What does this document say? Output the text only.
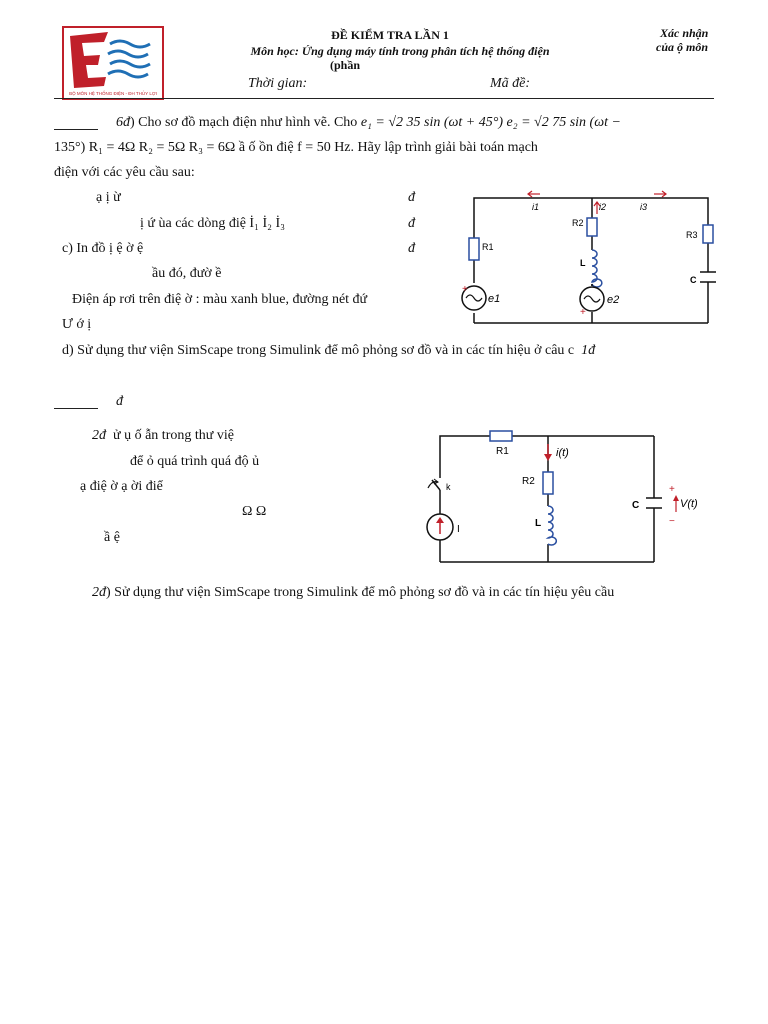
BỘ MÔN HỆ THỐNG ĐIỆN - ĐH THỦY LỢI
ĐỀ KIỂM TRA LẦN 1
Môn học: Ứng dụng máy tính trong phân tích hệ thống điện
(phần
Xác nhận
của ộ môn
Thời gian:	Mã đề:
6đ) Cho sơ đồ mạch điện như hình vẽ. Cho e₁ = √2 35 sin (ωt + 45°) e₂ = √2 75 sin (ωt −
135°) R₁ = 4Ω R₂ = 5Ω R₃ = 6Ω ầ ố ồn điệ f = 50 Hz. Hãy lập trình giải bài toán mạch
điện với các yêu cầu sau:
ạ ị ừ	đ
ị ứ ùa các dòng điệ İ₁ İ₂ İ₃	đ
c) In đồ ị ệ ờ ệ	đ
ầu đó, đườ ề
Điện áp rơi trên điệ ờ : màu xanh blue, đường nét đứ
Ư ớ ị
d) Sử dụng thư viện SimScape trong Simulink để mô phỏng sơ đồ và in các tín hiệu ở câu c 1đ
R1
R2
R3
L
C
i1	i2	i3
e1	e2
+
+
đ
2đ ử ụ ố ẫn trong thư việ
để ỏ quá trình quá độ ủ
ạ điệ ờ ạ ời điể
Ω Ω
ầ ệ
R1
R2
L
C
k
I
i(t)
V(t)
+
−
2đ) Sử dụng thư viện SimScape trong Simulink để mô phỏng sơ đồ và in các tín hiệu yêu cầu
